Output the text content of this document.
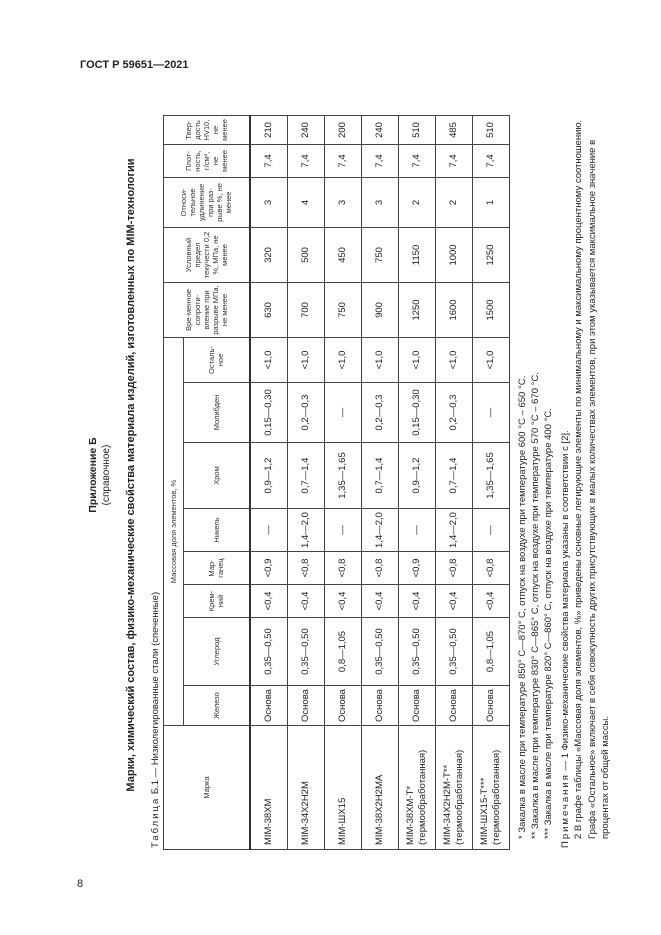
ГОСТ Р 59651—2021
8
Приложение Б (справочное) Марки, химический состав, физико-механические свойства материала изделий, изготовленных по MIM-технологии
Таблица Б.1 — Низколегированные стали (спеченные)	Марка	Массовая доля элементов, %								Вре-менное сопроти-вление при разрыве МПа, не менее	Условный предел текучести 0,2 %, МПа, не менее	Относи-тельное удлинение при раз-рыве %, не менее	Плот-ность, г/см³, не менее	Твер-дость HV10, не менее
	Железо	Углерод	Крем-ний	Мар-ганец	Никель	Хром	Молибден	Осталь-ное					
MIM-38XM	Основа	0,35—0,50	<0,4	<0,9	—	0,9—1,2	0,15—0,30	<1,0	630	320	3	7,4	210
MIM-34X2H2M	Основа	0,35—0,50	<0,4	<0,8	1,4—2,0	0,7—1,4	0,2—0,3	<1,0	700	500	4	7,4	240
MIM-ШХ15	Основа	0,8—1,05	<0,4	<0,8	—	1,35—1,65	—	<1,0	750	450	3	7,4	200
MIM-38X2H2MA	Основа	0,35—0,50	<0,4	<0,8	1,4—2,0	0,7—1,4	0,2—0,3	<1,0	900	750	3	7,4	240
MIM-38XM-T*
(термообработанная)	Основа	0,35—0,50	<0,4	<0,9	—	0,9—1,2	0,15—0,30	<1,0	1250	1150	2	7,4	510
MIM-34X2H2M-T**
(термообработанная)	Основа	0,35—0,50	<0,4	<0,8	1,4—2,0	0,7—1,4	0,2—0,3	<1,0	1600	1000	2	7,4	485
MIM-ШХ15-T***
(термообработанная)	Основа	0,8—1,05	<0,4	<0,8	—	1,35—1,65	—	<1,0	1500	1250	1	7,4	510

* Закалка в масле при температуре 850° C—870° C, отпуск на воздухе при температуре 600 °C – 650 °C. ** Закалка в масле при температуре 830° C—865° C, отпуск на воздухе при температуре 570 °C – 670 °C. *** Закалка в масле при температуре 820° C—860° C, отпуск на воздухе при температуре 400 °C. Примечания — 1 Физико-механические свойства материала указаны в соответствии с [2]. 2 В графе таблицы «Массовая доля элементов, %» приведены основные легирующие элементы по минимальному и максимальному процентному соотношению. Графа «Остальное» включает в себя совокупность других присутствующих в малых количествах элементов, при этом указывается максимальное значение в процентах от общей массы.
